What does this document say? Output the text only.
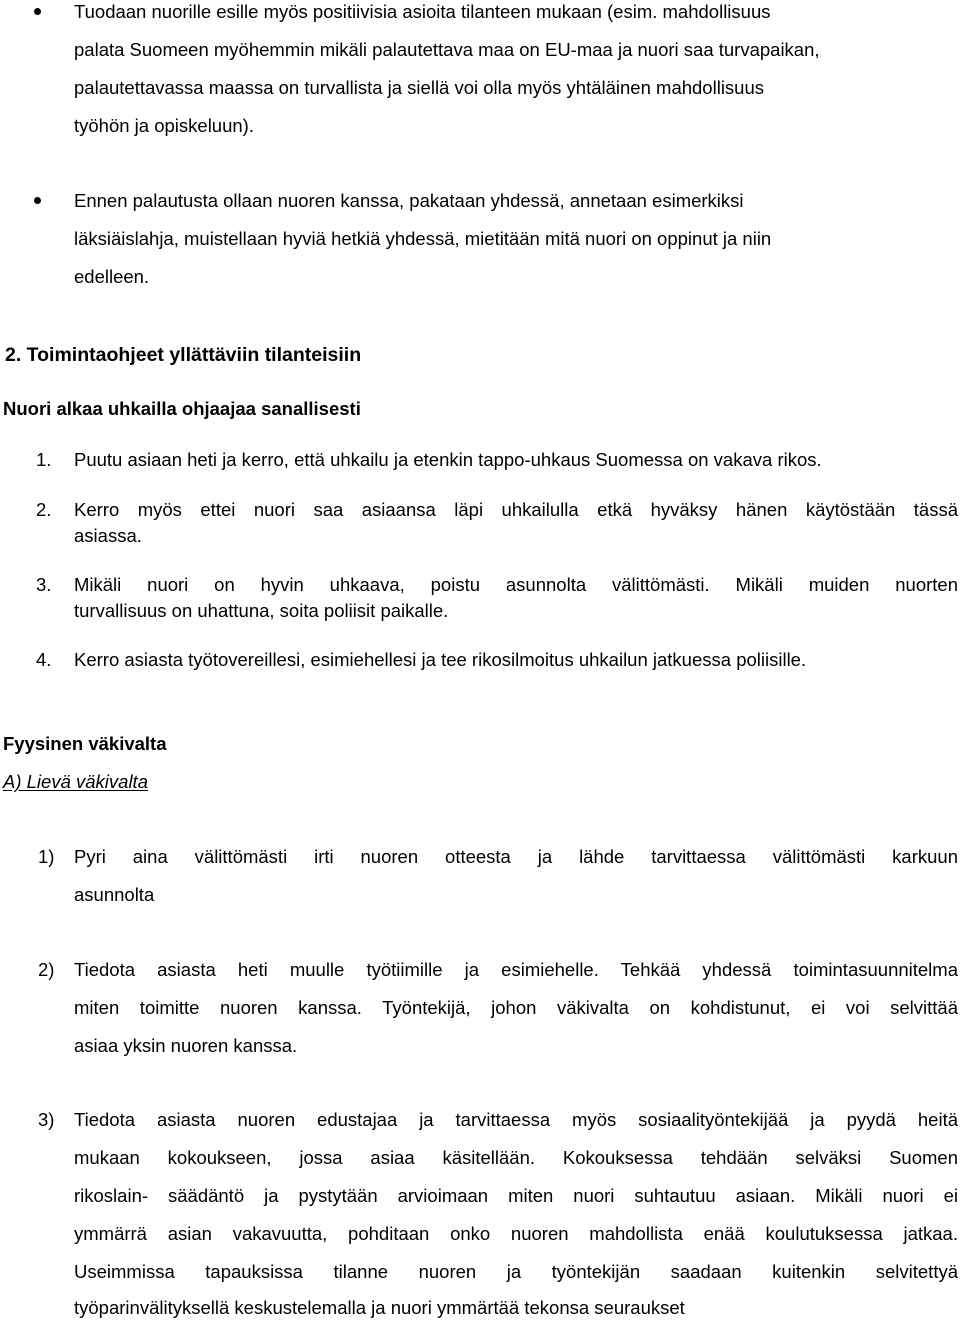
Tuodaan nuorille esille myös positiivisia asioita tilanteen mukaan (esim. mahdollisuus
palata Suomeen myöhemmin mikäli palautettava maa on EU-maa ja nuori saa turvapaikan,
palautettavassa maassa on turvallista ja siellä voi olla myös yhtäläinen mahdollisuus
työhön ja opiskeluun).
Ennen palautusta ollaan nuoren kanssa, pakataan yhdessä, annetaan esimerkiksi
läksiäislahja, muistellaan hyviä hetkiä yhdessä, mietitään mitä nuori on oppinut ja niin
edelleen.
2. Toimintaohjeet yllättäviin tilanteisiin
Nuori alkaa uhkailla ohjaajaa sanallisesti
1. Puutu asiaan heti ja kerro, että uhkailu ja etenkin tappo-uhkaus Suomessa on vakava rikos.
2. Kerro myös ettei nuori saa asiaansa läpi uhkailulla etkä hyväksy hänen käytöstään tässä
asiassa.
3. Mikäli nuori on hyvin uhkaava, poistu asunnolta välittömästi. Mikäli muiden nuorten
turvallisuus on uhattuna, soita poliisit paikalle.
4. Kerro asiasta työtovereillesi, esimiehellesi ja tee rikosilmoitus uhkailun jatkuessa poliisille.
Fyysinen väkivalta
A) Lievä väkivalta
1) Pyri aina välittömästi irti nuoren otteesta ja lähde tarvittaessa välittömästi karkuun
asunnolta
2) Tiedota asiasta heti muulle työtiimille ja esimiehelle. Tehkää yhdessä toimintasuunnitelma
miten toimitte nuoren kanssa. Työntekijä, johon väkivalta on kohdistunut, ei voi selvittää
asiaa yksin nuoren kanssa.
3) Tiedota asiasta nuoren edustajaa ja tarvittaessa myös sosiaalityöntekijää ja pyydä heitä
mukaan kokoukseen, jossa asiaa käsitellään. Kokouksessa tehdään selväksi Suomen
rikoslain- säädäntö ja pystytään arvioimaan miten nuori suhtautuu asiaan. Mikäli nuori ei
ymmärrä asian vakavuutta, pohditaan onko nuoren mahdollista enää koulutuksessa jatkaa.
Useimmissa tapauksissa tilanne nuoren ja työntekijän saadaan kuitenkin selvitettyä
työparinvälityksellä keskustelemalla ja nuori ymmärtää tekonsa seuraukset
